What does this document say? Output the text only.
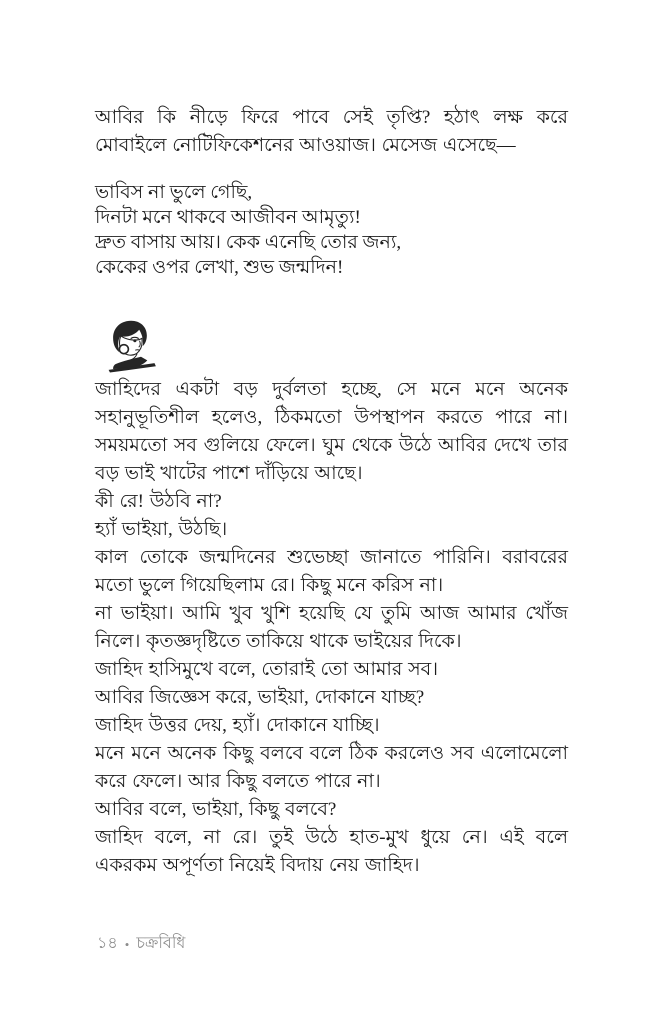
আবির কি নীড়ে ফিরে পাবে সেই তৃপ্তি? হঠাৎ লক্ষ করে মোবাইলে নোটিফিকেশনের আওয়াজ। মেসেজ এসেছে—

ভাবিস না ভুলে গেছি,

দিনটা মনে থাকবে আজীবন আমৃত্যু!

দ্রুত বাসায় আয়। কেক এনেছি তোর জন্য,

কেকের ওপর লেখা, শুভ জন্মদিন!

জাহিদের একটা বড় দুর্বলতা হচ্ছে, সে মনে মনে অনেক সহানুভূতিশীল হলেও, ঠিকমতো উপস্থাপন করতে পারে না। সময়মতো সব গুলিয়ে ফেলে। ঘুম থেকে উঠে আবির দেখে তার বড় ভাই খাটের পাশে দাঁড়িয়ে আছে।

কী রে! উঠবি না?

হ্যাঁ ভাইয়া, উঠছি।

কাল তোকে জন্মদিনের শুভেচ্ছা জানাতে পারিনি। বরাবরের মতো ভুলে গিয়েছিলাম রে। কিছু মনে করিস না।

না ভাইয়া। আমি খুব খুশি হয়েছি যে তুমি আজ আমার খোঁজ নিলে। কৃতজ্ঞদৃষ্টিতে তাকিয়ে থাকে ভাইয়ের দিকে।

জাহিদ হাসিমুখে বলে, তোরাই তো আমার সব।

আবির জিজ্ঞেস করে, ভাইয়া, দোকানে যাচ্ছ?

জাহিদ উত্তর দেয়, হ্যাঁ। দোকানে যাচ্ছি।

মনে মনে অনেক কিছু বলবে বলে ঠিক করলেও সব এলোমেলো করে ফেলে। আর কিছু বলতে পারে না।

আবির বলে, ভাইয়া, কিছু বলবে?

জাহিদ বলে, না রে। তুই উঠে হাত-মুখ ধুয়ে নে। এই বলে একরকম অপূর্ণতা নিয়েই বিদায় নেয় জাহিদ।

১৪ • চক্রবিধি
